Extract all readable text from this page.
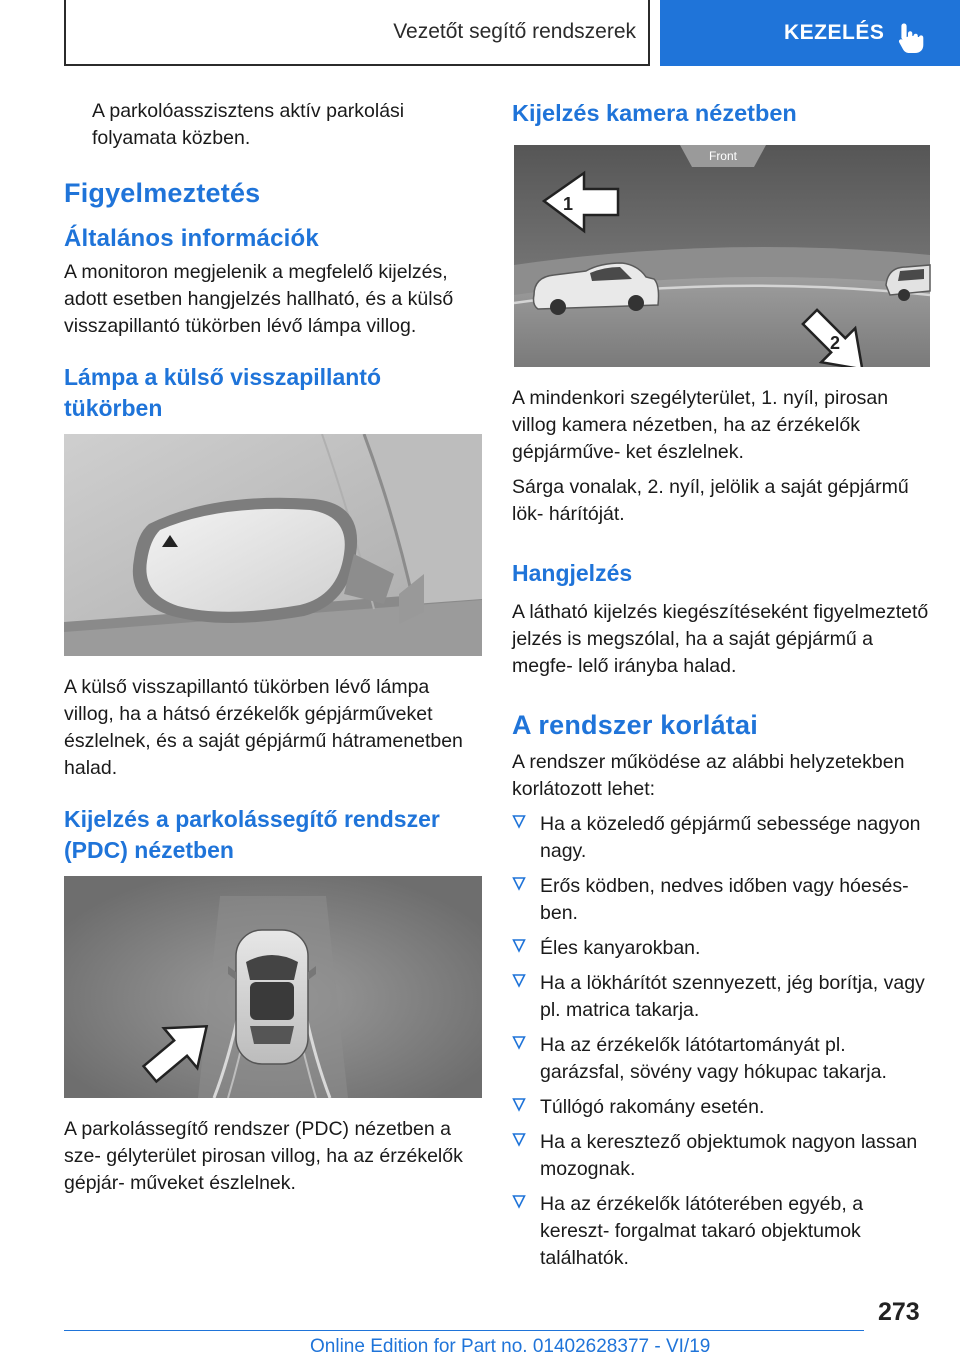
Vezetőt segítő rendszerek	KEZELÉS

A parkolóasszisztens aktív parkolási folyamata közben.

Figyelmeztetés
Általános információk

A monitoron megjelenik a megfelelő kijelzés, adott esetben hangjelzés hallható, és a külső visszapillantó tükörben lévő lámpa villog.

Lámpa a külső visszapillantó tükörben

A külső visszapillantó tükörben lévő lámpa villog, ha a hátsó érzékelők gépjárműveket észlelnek, és a saját gépjármű hátramenetben halad.

Kijelzés a parkolássegítő rendszer (PDC) nézetben

A parkolássegítő rendszer (PDC) nézetben a sze‐ gélyterület pirosan villog, ha az érzékelők gépjár‐ műveket észlelnek.

Kijelzés kamera nézetben
Front
1
2

A mindenkori szegélyterület, 1. nyíl, pirosan villog kamera nézetben, ha az érzékelők gépjárműve‐ ket észlelnek.

Sárga vonalak, 2. nyíl, jelölik a saját gépjármű lök‐ hárítóját.

Hangjelzés

A látható kijelzés kiegészítéseként figyelmeztető jelzés is megszólal, ha a saját gépjármű a megfe‐ lelő irányba halad.

A rendszer korlátai

A rendszer működése az alábbi helyzetekben korlátozott lehet:

Ha a közeledő gépjármű sebessége nagyon nagy.
Erős ködben, nedves időben vagy hóesés‐ ben.
Éles kanyarokban.
Ha a lökhárítót szennyezett, jég borítja, vagy pl. matrica takarja.
Ha az érzékelők látótartományát pl. garázsfal, sövény vagy hókupac takarja.
Túllógó rakomány esetén.
Ha a keresztező objektumok nagyon lassan mozognak.
Ha az érzékelők látóterében egyéb, a kereszt‐ forgalmat takaró objektumok találhatók.
273
Online Edition for Part no. 01402628377 - VI/19
